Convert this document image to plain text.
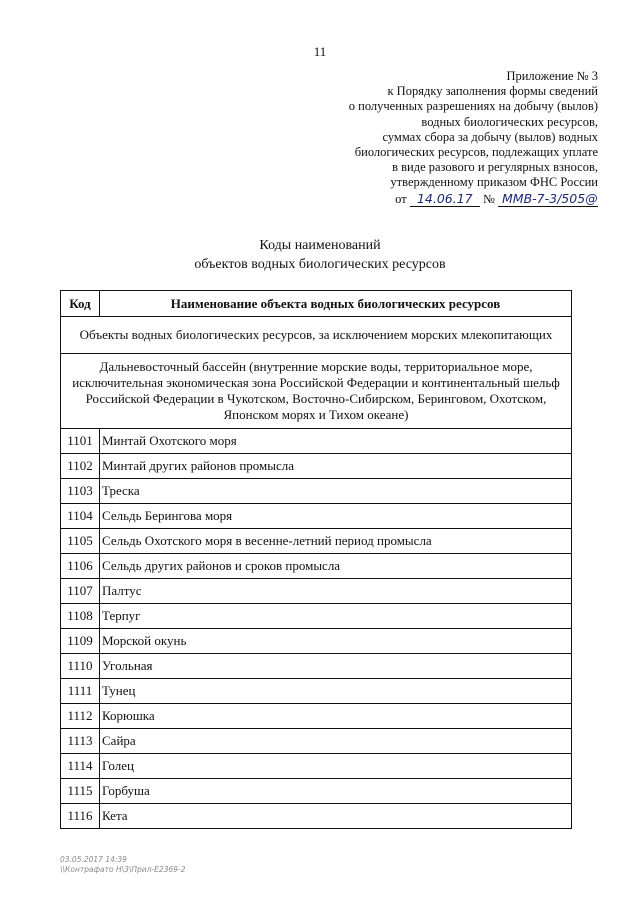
11
Приложение № 3
к Порядку заполнения формы сведений
о полученных разрешениях на добычу (вылов)
водных биологических ресурсов,
суммах сбора за добычу (вылов) водных
биологических ресурсов, подлежащих уплате
в виде разового и регулярных взносов,
утвержденному приказом ФНС России
от 14.06.17 № ММВ-7-3/505@
Коды наименований
объектов водных биологических ресурсов
Код	Наименование объекта водных биологических ресурсов
Объекты водных биологических ресурсов, за исключением морских млекопитающих	
Дальневосточный бассейн (внутренние морские воды, территориальное море, исключительная экономическая зона Российской Федерации и континентальный шельф Российской Федерации в Чукотском, Восточно-Сибирском, Беринговом, Охотском, Японском морях и Тихом океане)	
1101	Минтай Охотского моря
1102	Минтай других районов промысла
1103	Треска
1104	Сельдь Берингова моря
1105	Сельдь Охотского моря в весенне-летний период промысла
1106	Сельдь других районов и сроков промысла
1107	Палтус
1108	Терпуг
1109	Морской окунь
1110	Угольная
1111	Тунец
1112	Корюшка
1113	Сайра
1114	Голец
1115	Горбуша
1116	Кета
03.05.2017 14:39
\\Контрафато Н\3\Прил-Е2369-2
